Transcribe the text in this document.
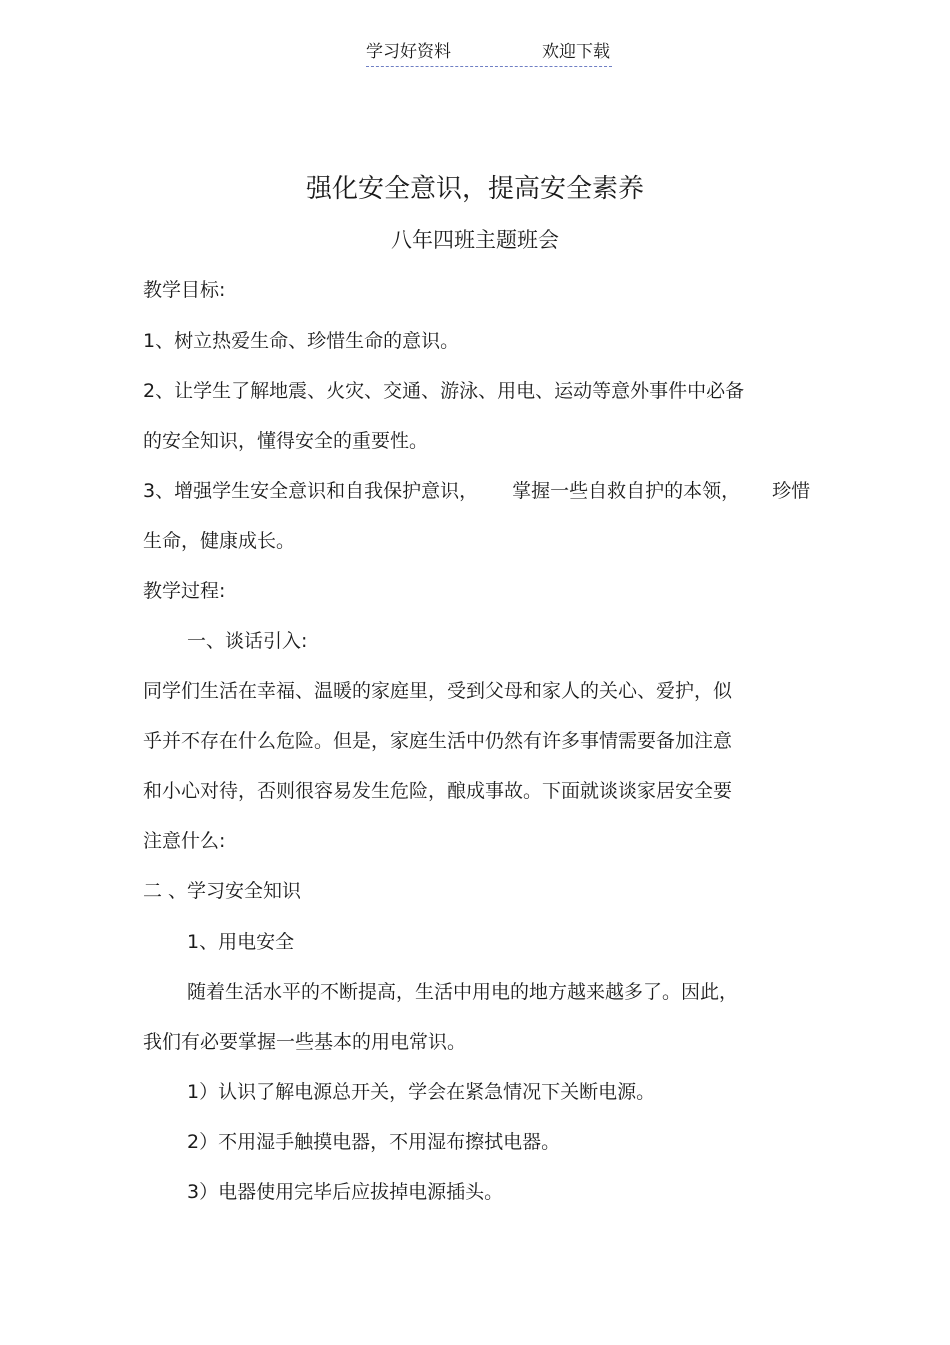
学习好资料	欢迎下载
强化安全意识，提高安全素养
八年四班主题班会
教学目标:
1、树立热爱生命、珍惜生命的意识。
2、让学生了解地震、火灾、交通、游泳、用电、运动等意外事件中必备
的安全知识，懂得安全的重要性。
3、增强学生安全意识和自我保护意识， 掌握一些自救自护的本领， 珍惜
生命，健康成长。
教学过程:
一、谈话引入:
同学们生活在幸福、温暖的家庭里，受到父母和家人的关心、爱护，似
乎并不存在什么危险。但是，家庭生活中仍然有许多事情需要备加注意
和小心对待，否则很容易发生危险，酿成事故。下面就谈谈家居安全要
注意什么:
二 、学习安全知识
1、用电安全
随着生活水平的不断提高，生活中用电的地方越来越多了。因此，
我们有必要掌握一些基本的用电常识。
1）认识了解电源总开关，学会在紧急情况下关断电源。
2）不用湿手触摸电器，不用湿布擦拭电器。
3）电器使用完毕后应拔掉电源插头。
